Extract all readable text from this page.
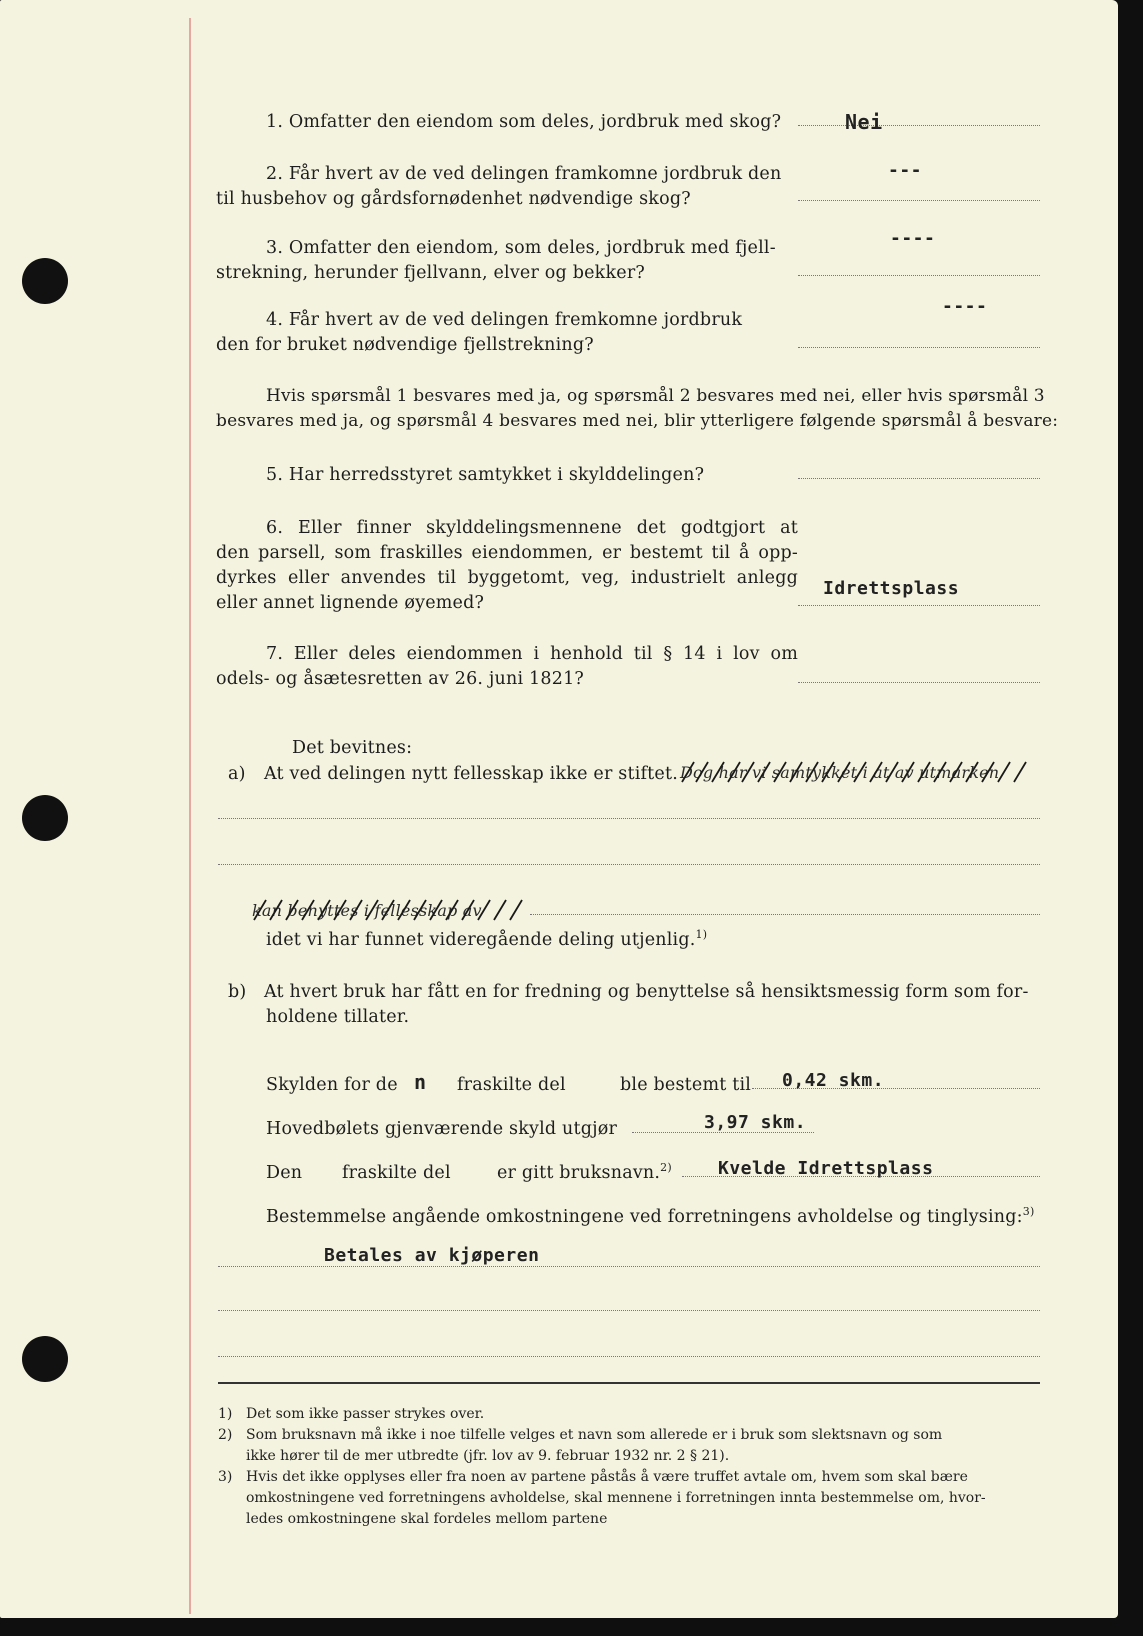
1. Omfatter den eiendom som deles, jordbruk med skog?	Nei
2. Får hvert av de ved delingen framkomne jordbruk den
til husbehov og gårdsfornødenhet nødvendige skog?
---
3. Omfatter den eiendom, som deles, jordbruk med fjell-
strekning, herunder fjellvann, elver og bekker?
----
4. Får hvert av de ved delingen fremkomne jordbruk
den for bruket nødvendige fjellstrekning?
----
Hvis spørsmål 1 besvares med ja, og spørsmål 2 besvares med nei, eller hvis spørsmål 3
besvares med ja, og spørsmål 4 besvares med nei, blir ytterligere følgende spørsmål å besvare:
5. Har herredsstyret samtykket i skylddelingen?
6. Eller finner skylddelingsmennene det godtgjort at
den parsell, som fraskilles eiendommen, er bestemt til å opp-
dyrkes eller anvendes til byggetomt, veg, industrielt anlegg
eller annet lignende øyemed?
Idrettsplass
7. Eller deles eiendommen i henhold til § 14 i lov om
odels- og åsætesretten av 26. juni 1821?
Det bevitnes:
a) At ved delingen nytt fellesskap ikke er stiftet. Dog har vi samtykket i at av utmarken
kan benyttes i fellesskap av
idet vi har funnet videregående deling utjenlig.$^{1)}$
b) At hvert bruk har fått en for fredning og benyttelse så hensiktsmessig form som for-
holdene tillater.
Skylden for de n fraskilte del	ble bestemt til 0,42 skm.
Hovedbølets gjenværende skyld utgjør	3,97 skm.
Den fraskilte del	er gitt bruksnavn.$^{2)}$	Kvelde Idrettsplass
Bestemmelse angående omkostningene ved forretningens avholdelse og tinglysing:$^{3)}$
Betales av kjøperen
1) Det som ikke passer strykes over.
2) Som bruksnavn må ikke i noe tilfelle velges et navn som allerede er i bruk som slektsnavn og som
ikke hører til de mer utbredte (jfr. lov av 9. februar 1932 nr. 2 § 21).
3) Hvis det ikke opplyses eller fra noen av partene påstås å være truffet avtale om, hvem som skal bære
omkostningene ved forretningens avholdelse, skal mennene i forretningen innta bestemmelse om, hvor-
ledes omkostningene skal fordeles mellom partene
